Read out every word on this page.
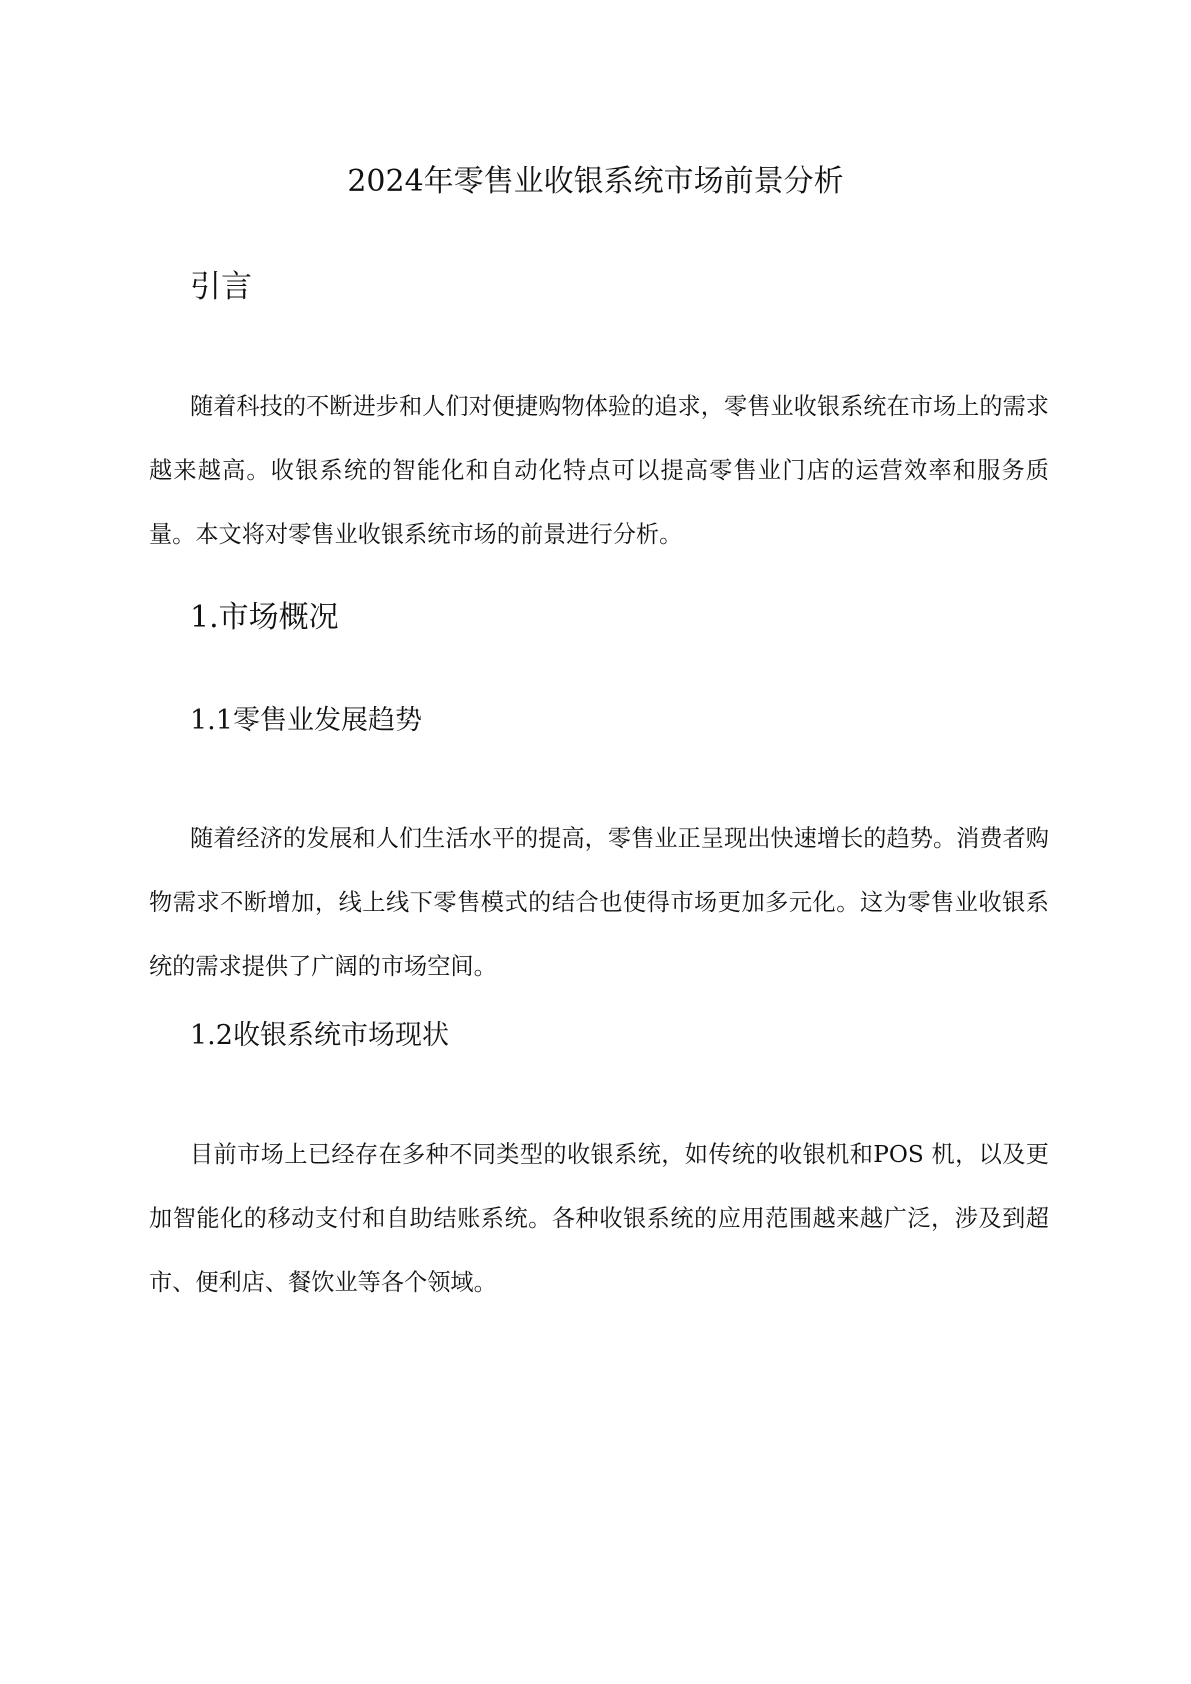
2024年零售业收银系统市场前景分析
引言

随着科技的不断进步和人们对便捷购物体验的追求，零售业收银系统在市场上的需求越来越高。收银系统的智能化和自动化特点可以提高零售业门店的运营效率和服务质量。本文将对零售业收银系统市场的前景进行分析。

1.市场概况
1.1零售业发展趋势

随着经济的发展和人们生活水平的提高，零售业正呈现出快速增长的趋势。消费者购物需求不断增加，线上线下零售模式的结合也使得市场更加多元化。这为零售业收银系统的需求提供了广阔的市场空间。

1.2收银系统市场现状

目前市场上已经存在多种不同类型的收银系统，如传统的收银机和POS 机，以及更加智能化的移动支付和自助结账系统。各种收银系统的应用范围越来越广泛，涉及到超市、便利店、餐饮业等各个领域。
